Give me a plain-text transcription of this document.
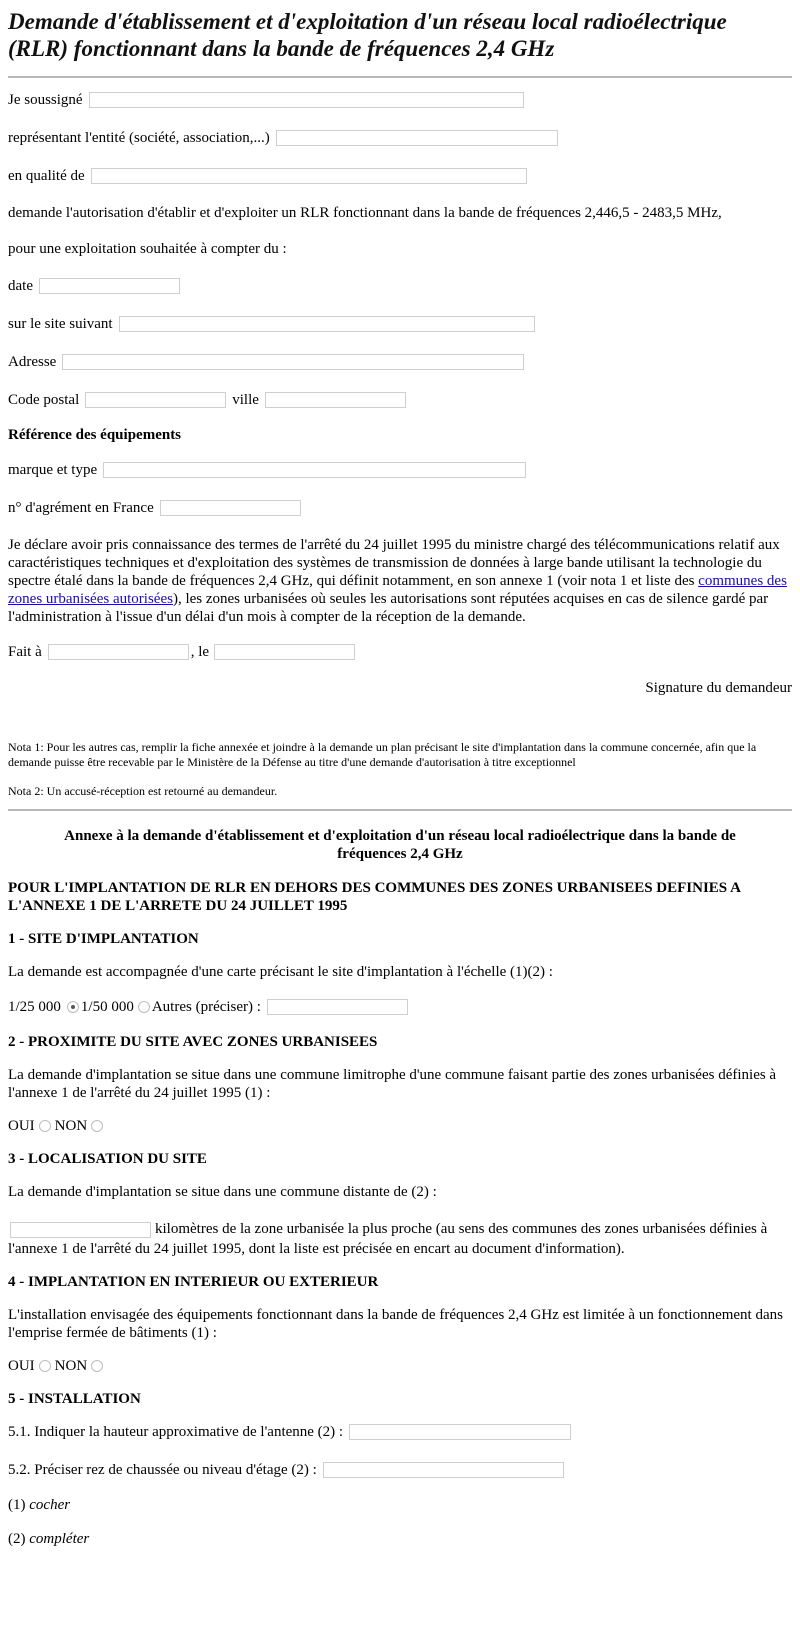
Demande d'établissement et d'exploitation d'un réseau local radioélectrique (RLR) fonctionnant dans la bande de fréquences 2,4 GHz
Je soussigné
représentant l'entité (société, association,...)
en qualité de

demande l'autorisation d'établir et d'exploiter un RLR fonctionnant dans la bande de fréquences 2,446,5 - 2483,5 MHz,

pour une exploitation souhaitée à compter du :

date
sur le site suivant
Adresse
Code postal	ville

Référence des équipements

marque et type
n° d'agrément en France

Je déclare avoir pris connaissance des termes de l'arrêté du 24 juillet 1995 du ministre chargé des télécommunications relatif aux caractéristiques techniques et d'exploitation des systèmes de transmission de données à large bande utilisant la technologie du spectre étalé dans la bande de fréquences 2,4 GHz, qui définit notamment, en son annexe 1 (voir nota 1 et liste des communes des zones urbanisées autorisées), les zones urbanisées où seules les autorisations sont réputées acquises en cas de silence gardé par l'administration à l'issue d'un délai d'un mois à compter de la réception de la demande.

Fait à	, le
Signature du demandeur

Nota 1: Pour les autres cas, remplir la fiche annexée et joindre à la demande un plan précisant le site d'implantation dans la commune concernée, afin que la demande puisse être recevable par le Ministère de la Défense au titre d'une demande d'autorisation à titre exceptionnel

Nota 2: Un accusé-réception est retourné au demandeur.

Annexe à la demande d'établissement et d'exploitation d'un réseau local radioélectrique dans la bande de fréquences 2,4 GHz

POUR L'IMPLANTATION DE RLR EN DEHORS DES COMMUNES DES ZONES URBANISEES DEFINIES A L'ANNEXE 1 DE L'ARRETE DU 24 JUILLET 1995

1 - SITE D'IMPLANTATION

La demande est accompagnée d'une carte précisant le site d'implantation à l'échelle (1)(2) :

1/25 000 1/50 000 Autres (préciser) :

2 - PROXIMITE DU SITE AVEC ZONES URBANISEES

La demande d'implantation se situe dans une commune limitrophe d'une commune faisant partie des zones urbanisées définies à l'annexe 1 de l'arrêté du 24 juillet 1995 (1) :

OUI NON

3 - LOCALISATION DU SITE

La demande d'implantation se situe dans une commune distante de (2) :

kilomètres de la zone urbanisée la plus proche (au sens des communes des zones urbanisées définies à l'annexe 1 de l'arrêté du 24 juillet 1995, dont la liste est précisée en encart au document d'information).

4 - IMPLANTATION EN INTERIEUR OU EXTERIEUR

L'installation envisagée des équipements fonctionnant dans la bande de fréquences 2,4 GHz est limitée à un fonctionnement dans l'emprise fermée de bâtiments (1) :

OUI NON

5 - INSTALLATION

5.1. Indiquer la hauteur approximative de l'antenne (2) :
5.2. Préciser rez de chaussée ou niveau d'étage (2) :

(1) cocher

(2) compléter
